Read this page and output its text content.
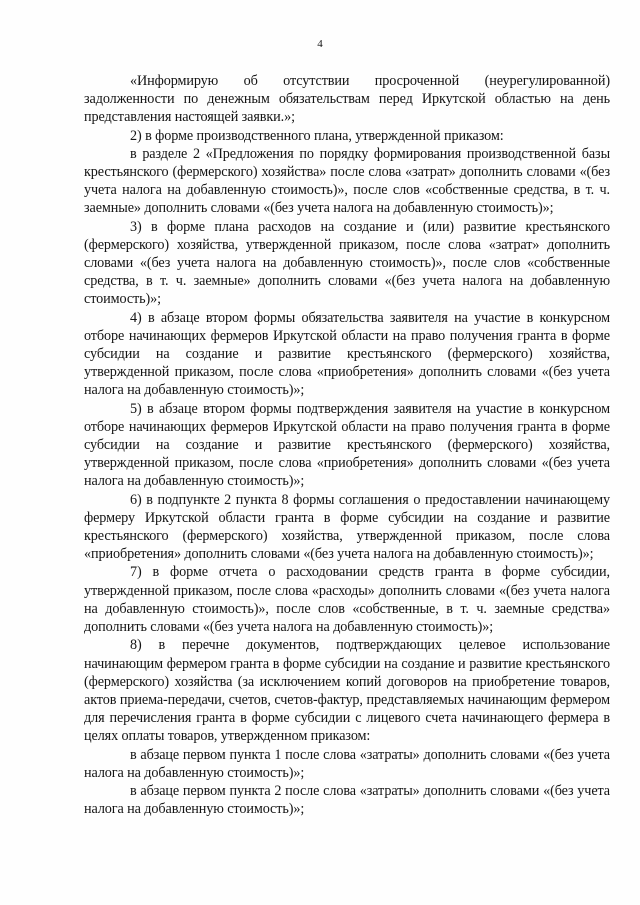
4

«Информирую об отсутствии просроченной (неурегулированной) задолженности по денежным обязательствам перед Иркутской областью на день представления настоящей заявки.»;

2) в форме производственного плана, утвержденной приказом:

в разделе 2 «Предложения по порядку формирования производственной базы крестьянского (фермерского) хозяйства» после слова «затрат» дополнить словами «(без учета налога на добавленную стоимость)», после слов «собственные средства, в т. ч. заемные» дополнить словами «(без учета налога на добавленную стоимость)»;

3) в форме плана расходов на создание и (или) развитие крестьянского (фермерского) хозяйства, утвержденной приказом, после слова «затрат» дополнить словами «(без учета налога на добавленную стоимость)», после слов «собственные средства, в т. ч. заемные» дополнить словами «(без учета налога на добавленную стоимость)»;

4) в абзаце втором формы обязательства заявителя на участие в конкурсном отборе начинающих фермеров Иркутской области на право получения гранта в форме субсидии на создание и развитие крестьянского (фермерского) хозяйства, утвержденной приказом, после слова «приобретения» дополнить словами «(без учета налога на добавленную стоимость)»;

5) в абзаце втором формы подтверждения заявителя на участие в конкурсном отборе начинающих фермеров Иркутской области на право получения гранта в форме субсидии на создание и развитие крестьянского (фермерского) хозяйства, утвержденной приказом, после слова «приобретения» дополнить словами «(без учета налога на добавленную стоимость)»;

6) в подпункте 2 пункта 8 формы соглашения о предоставлении начинающему фермеру Иркутской области гранта в форме субсидии на создание и развитие крестьянского (фермерского) хозяйства, утвержденной приказом, после слова «приобретения» дополнить словами «(без учета налога на добавленную стоимость)»;

7) в форме отчета о расходовании средств гранта в форме субсидии, утвержденной приказом, после слова «расходы» дополнить словами «(без учета налога на добавленную стоимость)», после слов «собственные, в т. ч. заемные средства» дополнить словами «(без учета налога на добавленную стоимость)»;

8) в перечне документов, подтверждающих целевое использование начинающим фермером гранта в форме субсидии на создание и развитие крестьянского (фермерского) хозяйства (за исключением копий договоров на приобретение товаров, актов приема-передачи, счетов, счетов-фактур, представляемых начинающим фермером для перечисления гранта в форме субсидии с лицевого счета начинающего фермера в целях оплаты товаров, утвержденном приказом:

в абзаце первом пункта 1 после слова «затраты» дополнить словами «(без учета налога на добавленную стоимость)»;

в абзаце первом пункта 2 после слова «затраты» дополнить словами «(без учета налога на добавленную стоимость)»;
